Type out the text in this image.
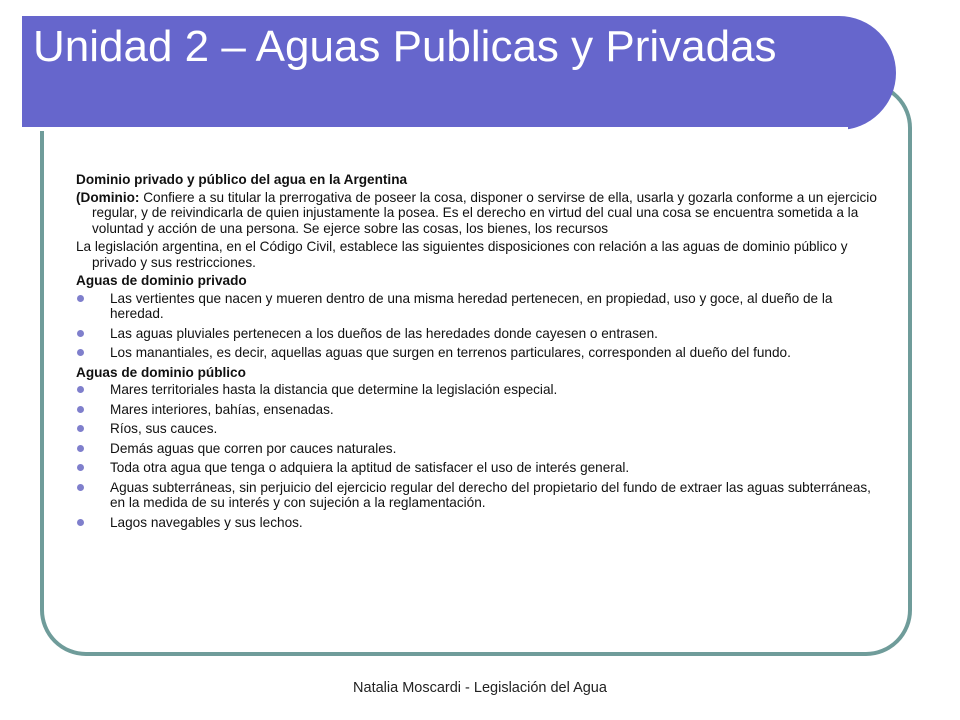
Unidad 2 – Aguas Publicas y Privadas

Dominio privado y público del agua en la Argentina

(Dominio: Confiere a su titular la prerrogativa de poseer la cosa, disponer o servirse de ella, usarla y gozarla conforme a un ejercicio regular, y de reivindicarla de quien injustamente la posea. Es el derecho en virtud del cual una cosa se encuentra sometida a la voluntad y acción de una persona. Se ejerce sobre las cosas, los bienes, los recursos

La legislación argentina, en el Código Civil, establece las siguientes disposiciones con relación a las aguas de dominio público y privado y sus restricciones.

Aguas de dominio privado

Las vertientes que nacen y mueren dentro de una misma heredad pertenecen, en propiedad, uso y goce, al dueño de la heredad.
Las aguas pluviales pertenecen a los dueños de las heredades donde cayesen o entrasen.
Los manantiales, es decir, aquellas aguas que surgen en terrenos particulares, corresponden al dueño del fundo.

Aguas de dominio público

Mares territoriales hasta la distancia que determine la legislación especial.
Mares interiores, bahías, ensenadas.
Ríos, sus cauces.
Demás aguas que corren por cauces naturales.
Toda otra agua que tenga o adquiera la aptitud de satisfacer el uso de interés general.
Aguas subterráneas, sin perjuicio del ejercicio regular del derecho del propietario del fundo de extraer las aguas subterráneas, en la medida de su interés y con sujeción a la reglamentación.
Lagos navegables y sus lechos.
Natalia Moscardi - Legislación del Agua
